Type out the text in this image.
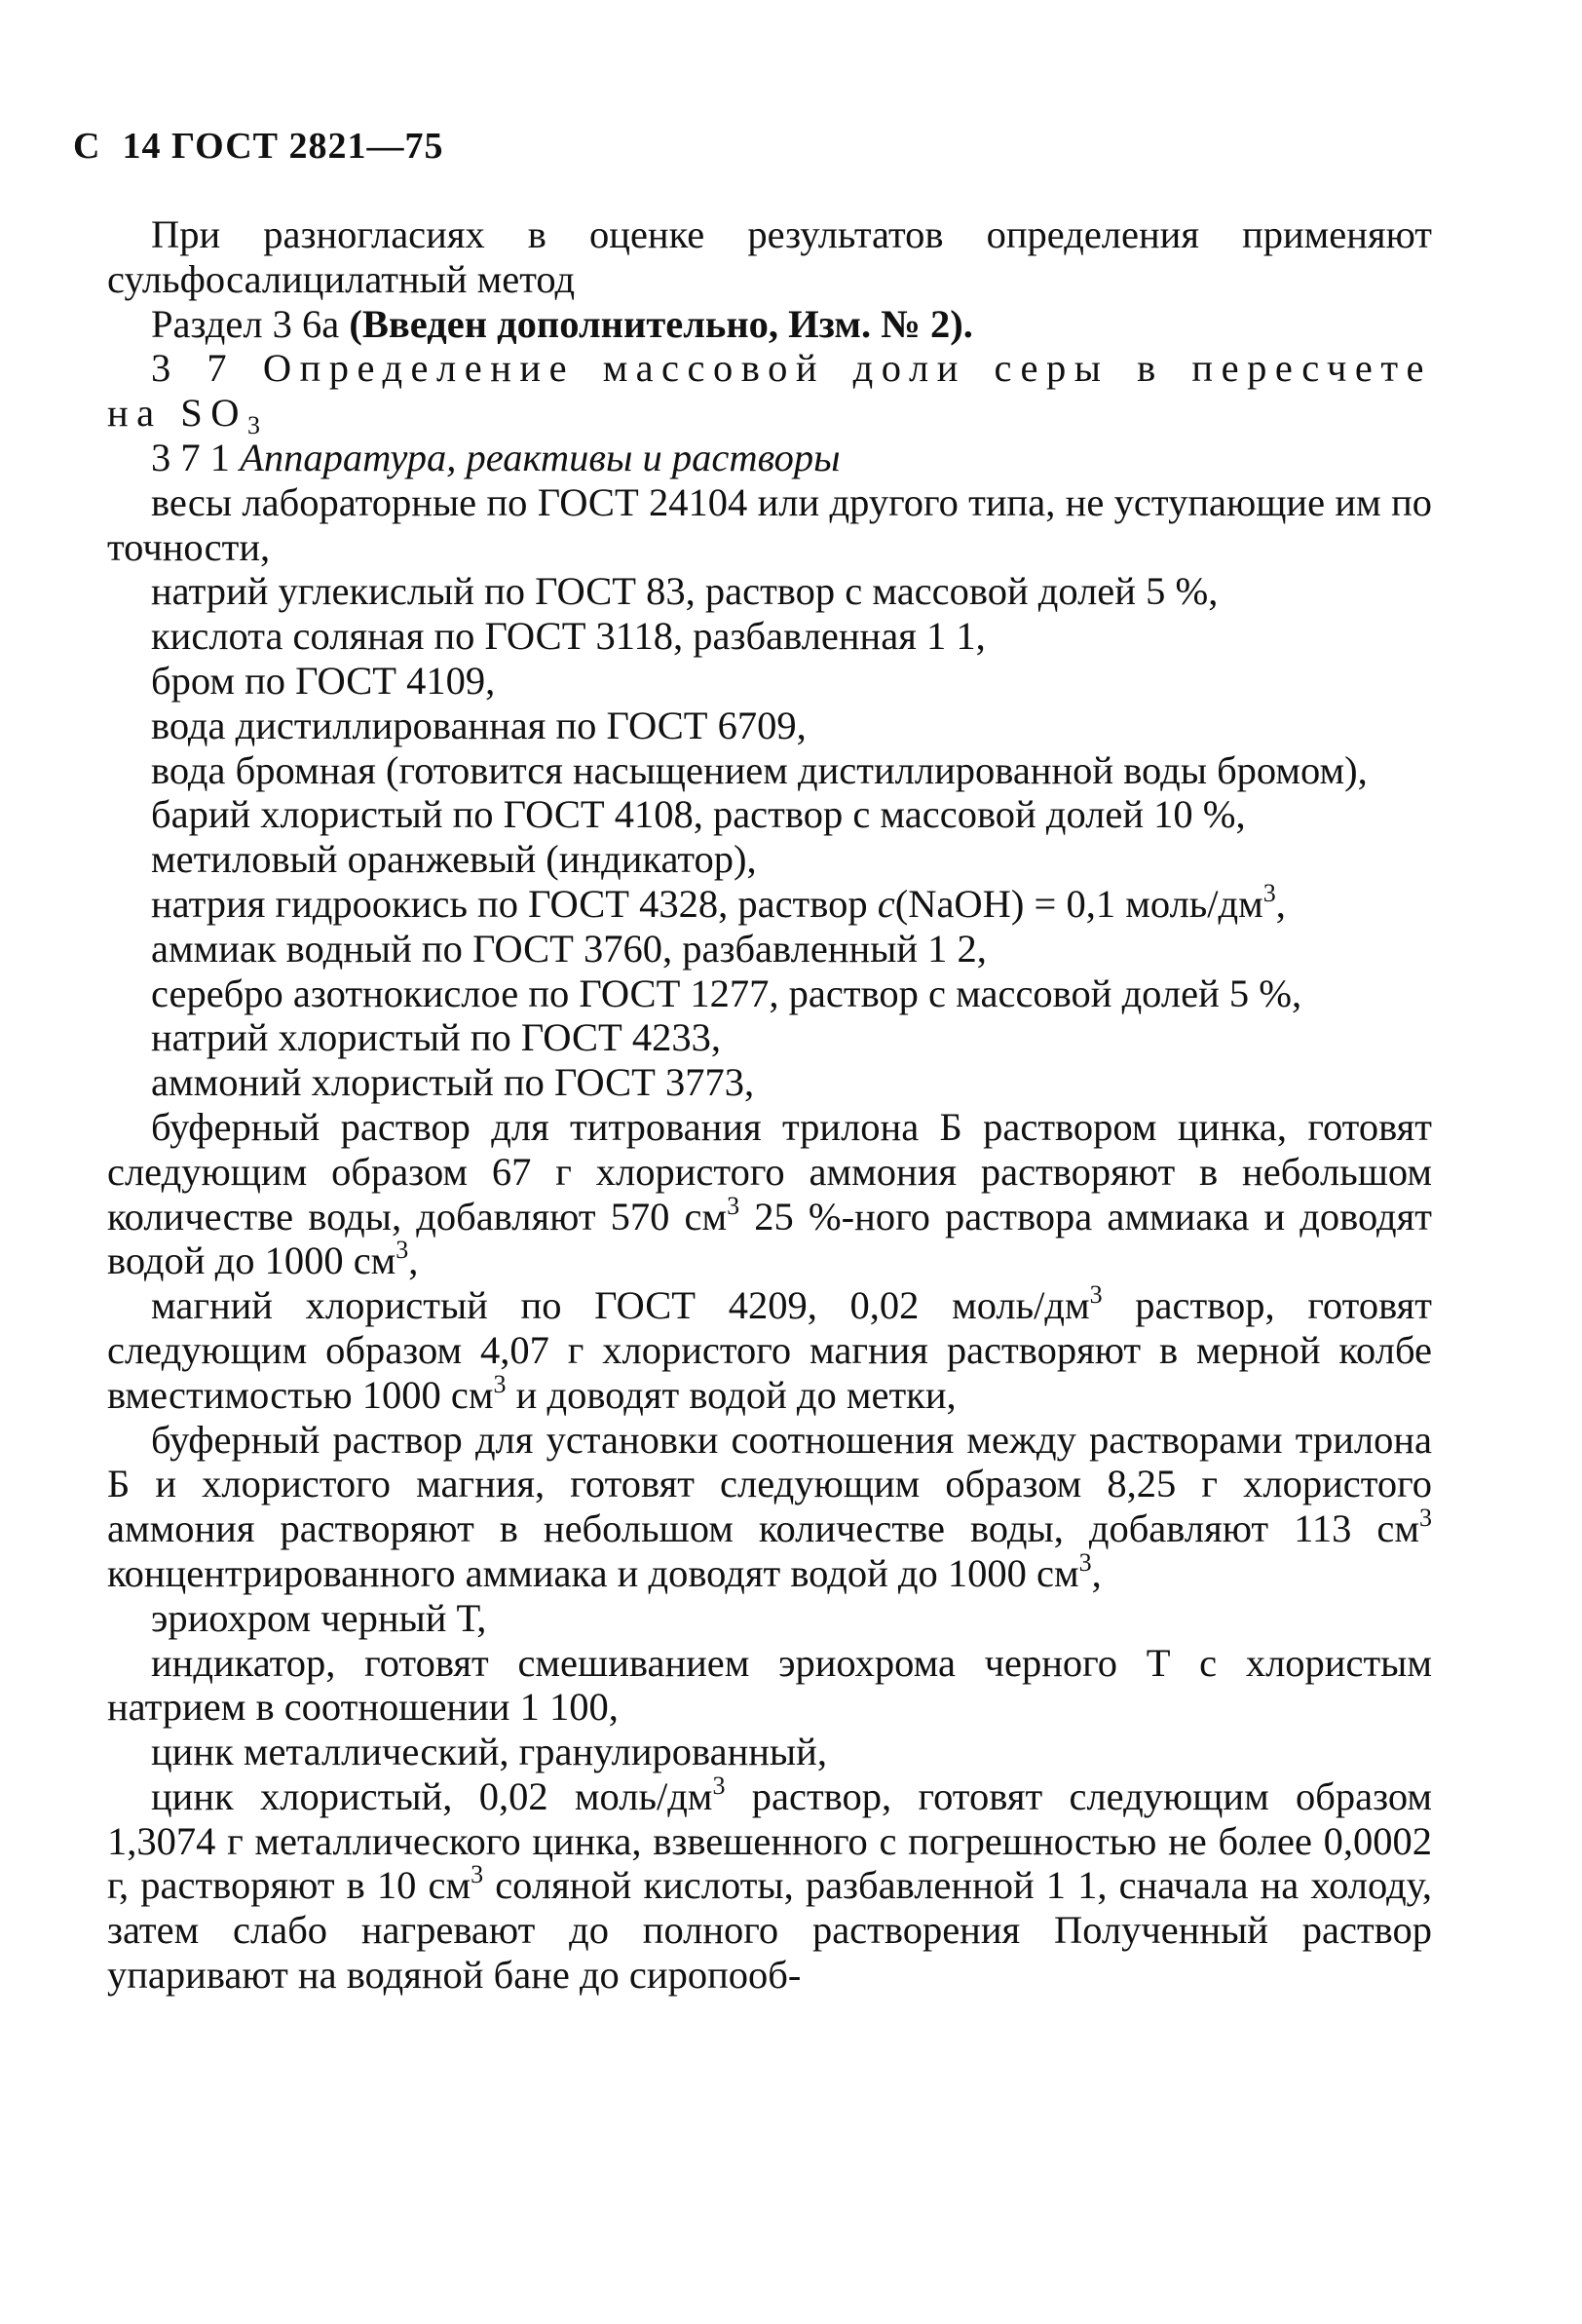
С 14 ГОСТ 2821—75

При разногласиях в оценке результатов определения применяют сульфосалицилатный метод

Раздел 3 6а (Введен дополнительно, Изм. № 2).

3 7 Определение массовой доли серы в пересчете на $SO_3$

3 7 1 Аппаратура, реактивы и растворы

весы лабораторные по ГОСТ 24104 или другого типа, не уступающие им по точности,

натрий углекислый по ГОСТ 83, раствор с массовой долей 5 %,

кислота соляная по ГОСТ 3118, разбавленная 1 1,

бром по ГОСТ 4109,

вода дистиллированная по ГОСТ 6709,

вода бромная (готовится насыщением дистиллированной воды бромом),

барий хлористый по ГОСТ 4108, раствор с массовой долей 10 %,

метиловый оранжевый (индикатор),

натрия гидроокись по ГОСТ 4328, раствор c(NaOH) = 0,1 моль/$дм^3$,

аммиак водный по ГОСТ 3760, разбавленный 1 2,

серебро азотнокислое по ГОСТ 1277, раствор с массовой долей 5 %,

натрий хлористый по ГОСТ 4233,

аммоний хлористый по ГОСТ 3773,

буферный раствор для титрования трилона Б раствором цинка, готовят следующим образом 67 г хлористого аммония растворяют в небольшом количестве воды, добавляют 570 $см^3$ 25 %-ного раствора аммиака и доводят водой до 1000 $см^3$,

магний хлористый по ГОСТ 4209, 0,02 моль/$дм^3$ раствор, готовят следующим образом 4,07 г хлористого магния растворяют в мерной колбе вместимостью 1000 $см^3$ и доводят водой до метки,

буферный раствор для установки соотношения между растворами трилона Б и хлористого магния, готовят следующим образом 8,25 г хлористого аммония растворяют в небольшом количестве воды, добавляют 113 $см^3$ концентрированного аммиака и доводят водой до 1000 $см^3$,

эриохром черный Т,

индикатор, готовят смешиванием эриохрома черного Т с хлористым натрием в соотношении 1 100,

цинк металлический, гранулированный,

цинк хлористый, 0,02 моль/$дм^3$ раствор, готовят следующим образом 1,3074 г металлического цинка, взвешенного с погрешностью не более 0,0002 г, растворяют в 10 $см^3$ соляной кислоты, разбавленной 1 1, сначала на холоду, затем слабо нагревают до полного растворения Полученный раствор упаривают на водяной бане до сиропооб-
